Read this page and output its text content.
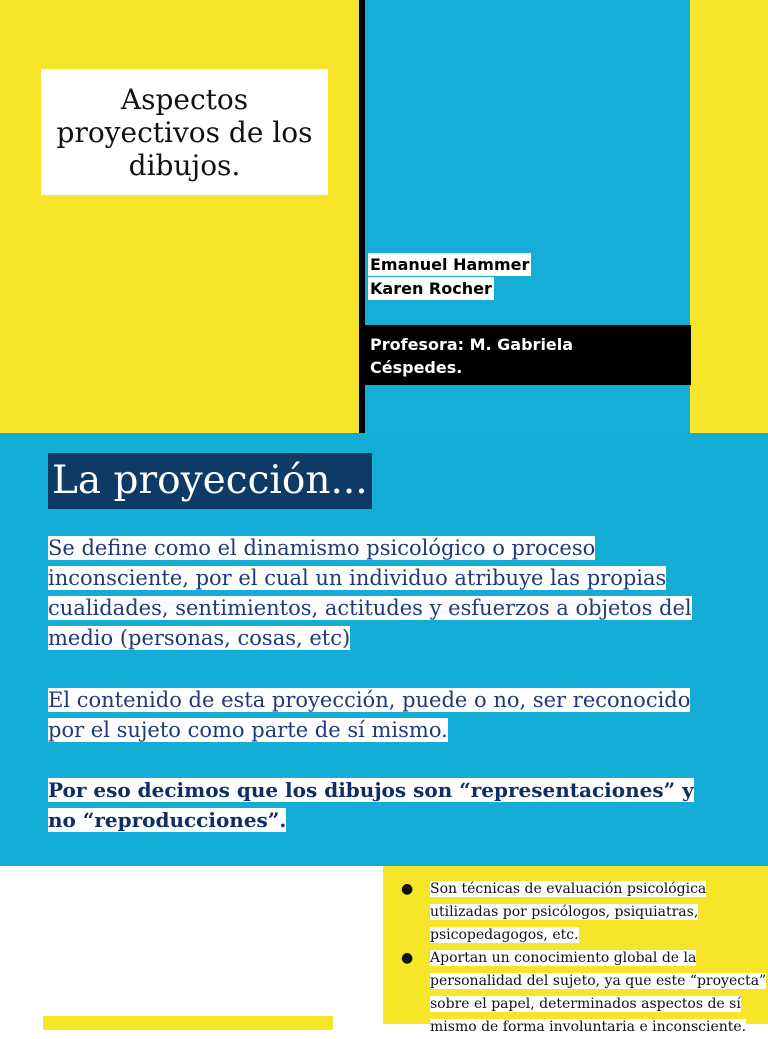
Aspectos proyectivos de los dibujos.

Emanuel Hammer
Karen Rocher

Profesora: M. Gabriela Céspedes.

La proyección...
Se define como el dinamismo psicológico o proceso inconsciente, por el cual un individuo atribuye las propias cualidades, sentimientos, actitudes y esfuerzos a objetos del medio (personas, cosas, etc)
El contenido de esta proyección, puede o no, ser reconocido por el sujeto como parte de sí mismo.
Por eso decimos que los dibujos son “representaciones” y no “reproducciones”.
● Son técnicas de evaluación psicológica utilizadas por psicólogos, psiquiatras, psicopedagogos, etc.
● Aportan un conocimiento global de la personalidad del sujeto, ya que este “proyecta” sobre el papel, determinados aspectos de sí mismo de forma involuntaria e inconsciente.
